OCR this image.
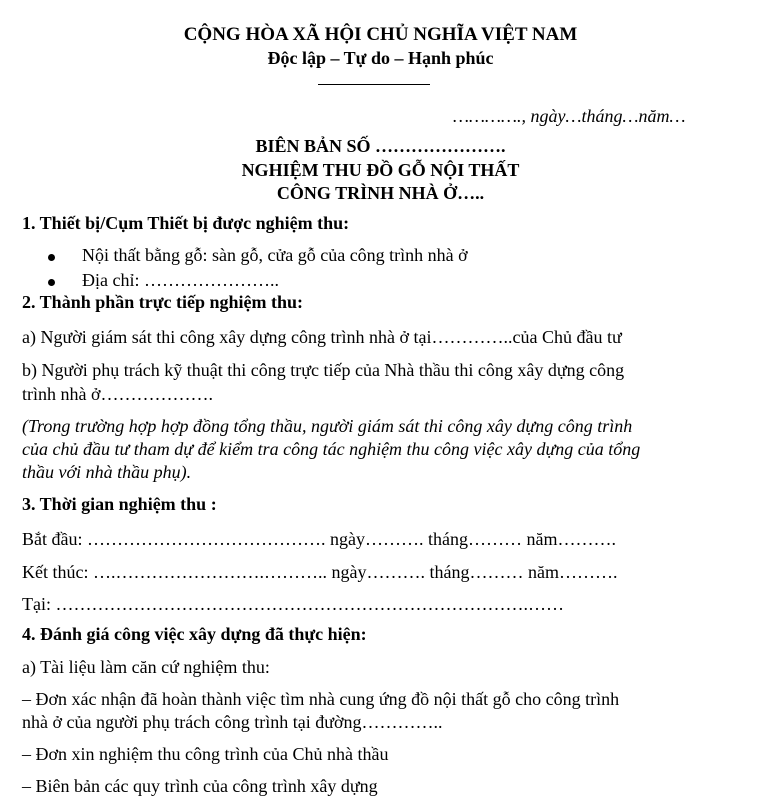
CỘNG HÒA XÃ HỘI CHỦ NGHĨA VIỆT NAM
Độc lập – Tự do – Hạnh phúc
…………., ngày…tháng…năm…
BIÊN BẢN SỐ ………………….
NGHIỆM THU ĐỒ GỖ NỘI THẤT
CÔNG TRÌNH NHÀ Ở…..
1. Thiết bị/Cụm Thiết bị được nghiệm thu:
Nội thất bằng gỗ: sàn gỗ, cửa gỗ của công trình nhà ở
Địa chỉ: …………………..
2. Thành phần trực tiếp nghiệm thu:
a) Người giám sát thi công xây dựng công trình nhà ở tại…………..của Chủ đầu tư
b) Người phụ trách kỹ thuật thi công trực tiếp của Nhà thầu thi công xây dựng công
trình nhà ở……………….
(Trong trường hợp hợp đồng tổng thầu, người giám sát thi công xây dựng công trình
của chủ đầu tư tham dự để kiểm tra công tác nghiệm thu công việc xây dựng của tổng
thầu với nhà thầu phụ).
3. Thời gian nghiệm thu :
Bắt đầu: …………………………………. ngày………. tháng……… năm……….
Kết thúc: ….…………………….……….. ngày………. tháng……… năm……….
Tại: …………………………………………………………………….……
4. Đánh giá công việc xây dựng đã thực hiện:
a) Tài liệu làm căn cứ nghiệm thu:
– Đơn xác nhận đã hoàn thành việc tìm nhà cung ứng đồ nội thất gỗ cho công trình
nhà ở của người phụ trách công trình tại đường…………..
– Đơn xin nghiệm thu công trình của Chủ nhà thầu
– Biên bản các quy trình của công trình xây dựng
